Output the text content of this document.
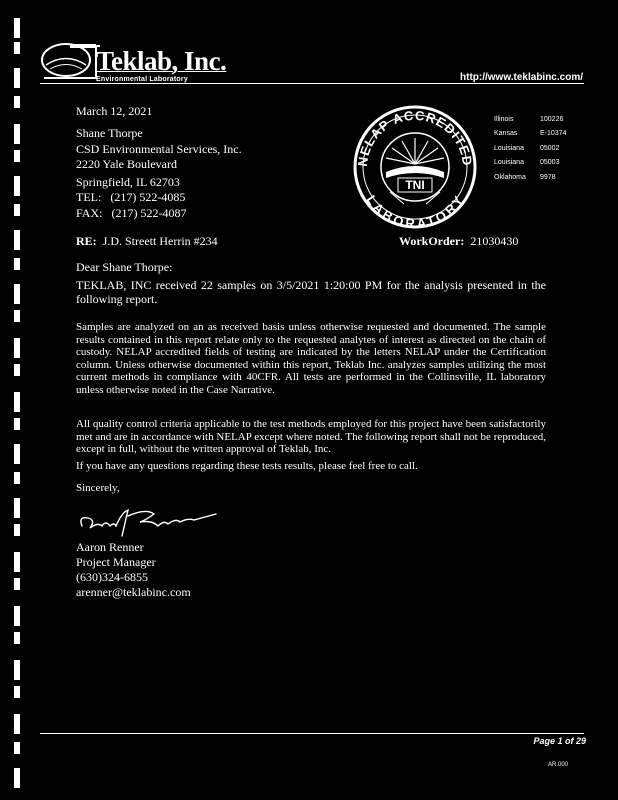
Teklab, Inc.
Environmental Laboratory	http://www.teklabinc.com/
March 12, 2021
Shane Thorpe
CSD Environmental Services, Inc.
2220 Yale Boulevard
Springfield, IL 62703
TEL:   (217) 522-4085
FAX:   (217) 522-4087
NELAP ACCREDITED
LABORATORY
TNI
Illinois	100226
Kansas	E-10374
Louisiana	05002
Louisiana	05003
Oklahoma	9978
RE: J.D. Streett Herrin #234	WorkOrder: 21030430
Dear Shane Thorpe:
TEKLAB, INC received 22 samples on 3/5/2021 1:20:00 PM for the analysis presented in the following report.
Samples are analyzed on an as received basis unless otherwise requested and documented. The sample results contained in this report relate only to the requested analytes of interest as directed on the chain of custody. NELAP accredited fields of testing are indicated by the letters NELAP under the Certification column. Unless otherwise documented within this report, Teklab Inc. analyzes samples utilizing the most current methods in compliance with 40CFR. All tests are performed in the Collinsville, IL laboratory unless otherwise noted in the Case Narrative.
All quality control criteria applicable to the test methods employed for this project have been satisfactorily met and are in accordance with NELAP except where noted. The following report shall not be reproduced, except in full, without the written approval of Teklab, Inc.
If you have any questions regarding these tests results, please feel free to call.
Sincerely,
Aaron Renner
Project Manager
(630)324-6855
arenner@teklabinc.com
Page 1 of 29
AR.000
